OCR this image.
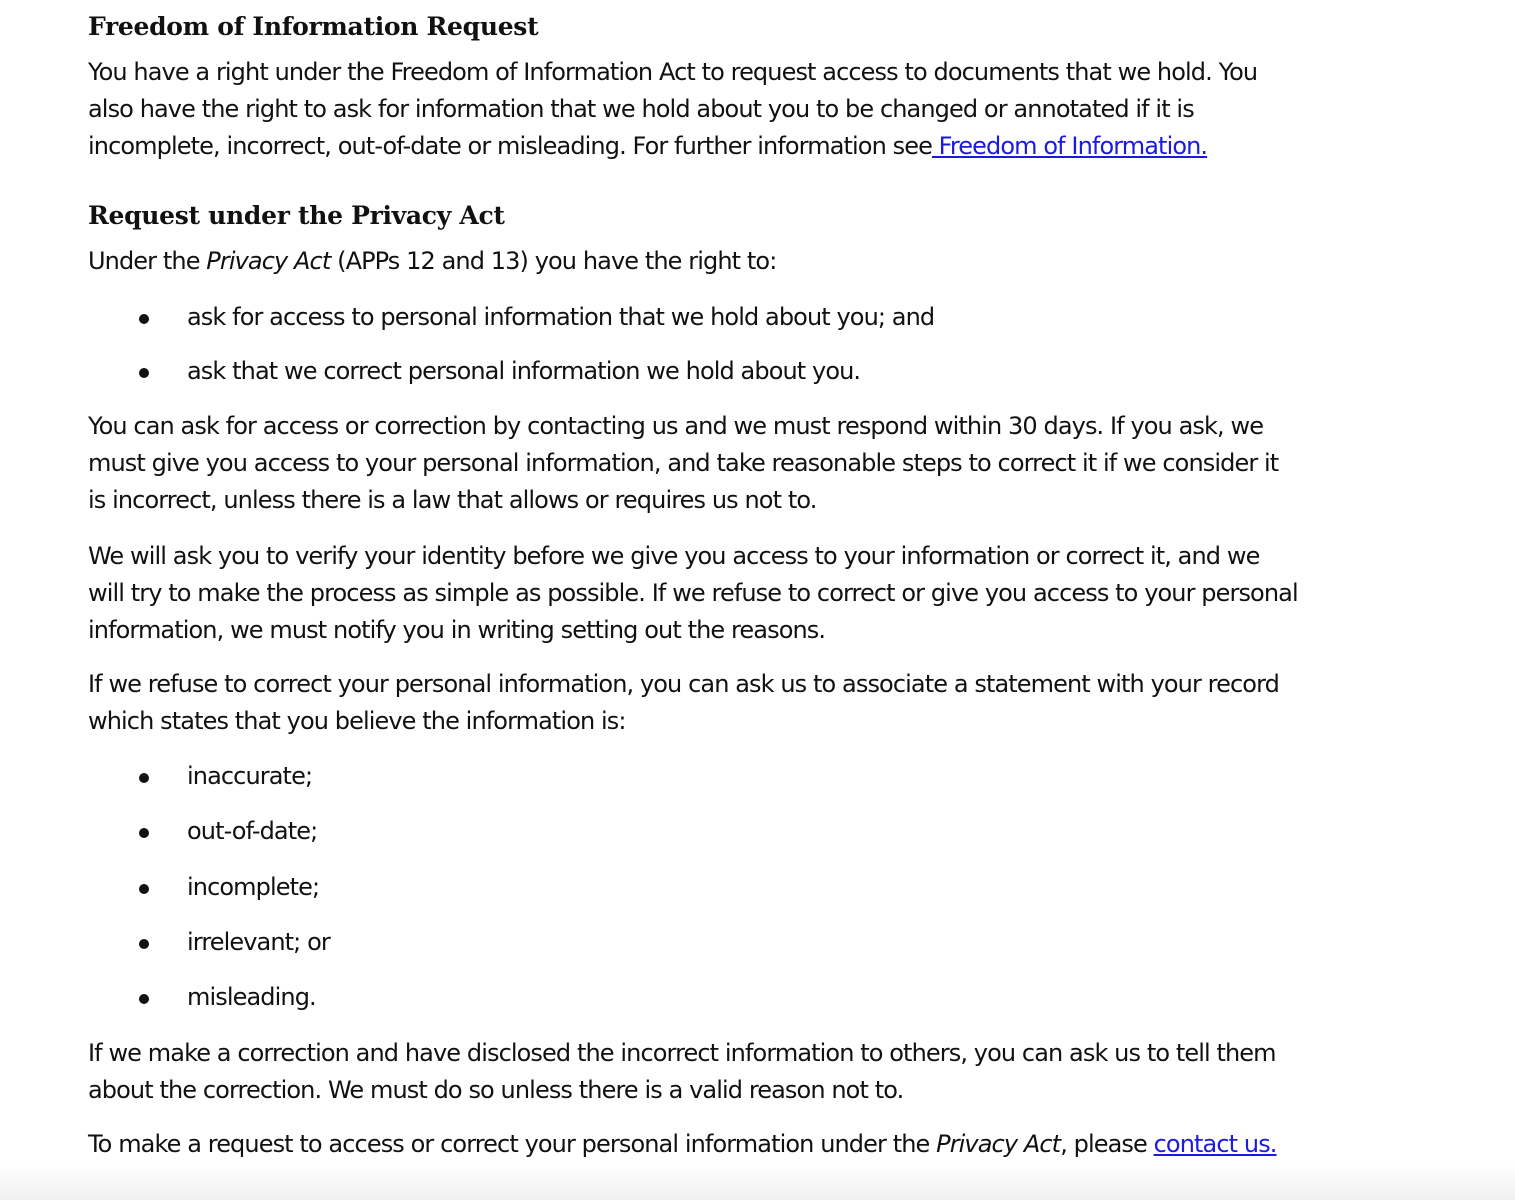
Freedom of Information Request

You have a right under the Freedom of Information Act to request access to documents that we hold. You
also have the right to ask for information that we hold about you to be changed or annotated if it is
incomplete, incorrect, out-of-date or misleading. For further information see Freedom of Information.

Request under the Privacy Act

Under the Privacy Act (APPs 12 and 13) you have the right to:

ask for access to personal information that we hold about you; and
ask that we correct personal information we hold about you.

You can ask for access or correction by contacting us and we must respond within 30 days. If you ask, we
must give you access to your personal information, and take reasonable steps to correct it if we consider it
is incorrect, unless there is a law that allows or requires us not to.

We will ask you to verify your identity before we give you access to your information or correct it, and we
will try to make the process as simple as possible. If we refuse to correct or give you access to your personal
information, we must notify you in writing setting out the reasons.

If we refuse to correct your personal information, you can ask us to associate a statement with your record
which states that you believe the information is:

inaccurate;
out-of-date;
incomplete;
irrelevant; or
misleading.

If we make a correction and have disclosed the incorrect information to others, you can ask us to tell them
about the correction. We must do so unless there is a valid reason not to.

To make a request to access or correct your personal information under the Privacy Act, please contact us.
